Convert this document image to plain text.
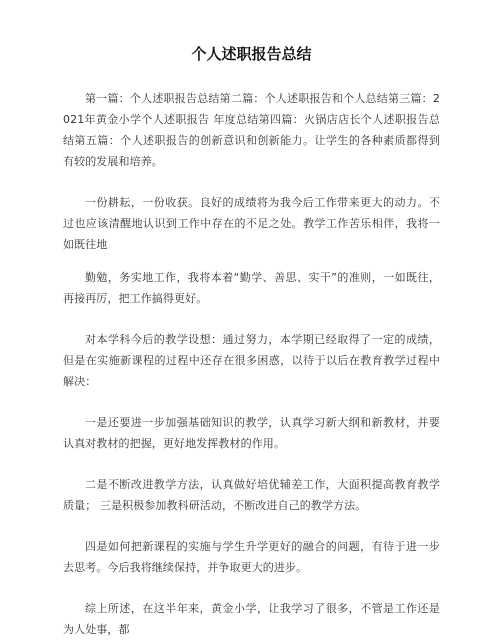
个人述职报告总结

第一篇：个人述职报告总结第二篇：个人述职报告和个人总结第三篇：2021年黄金小学个人述职报告 年度总结第四篇：火锅店店长个人述职报告总结第五篇：个人述职报告的创新意识和创新能力。让学生的各种素质都得到有较的发展和培养。

一份耕耘，一份收获。良好的成绩将为我今后工作带来更大的动力。不过也应该清醒地认识到工作中存在的不足之处。教学工作苦乐相伴，我将一如既往地

勤勉，务实地工作，我将本着“勤学、善思、实干”的准则，一如既往，再接再厉，把工作搞得更好。

对本学科今后的教学设想：通过努力，本学期已经取得了一定的成绩，但是在实施新课程的过程中还存在很多困惑，以待于以后在教育教学过程中解决：

一是还要进一步加强基础知识的教学，认真学习新大纲和新教材，并要认真对教材的把握，更好地发挥教材的作用。

二是不断改进教学方法，认真做好培优辅差工作，大面积提高教育教学质量； 三是积极参加教科研活动，不断改进自己的教学方法。

四是如何把新课程的实施与学生升学更好的融合的问题，有待于进一步去思考。今后我将继续保持，并争取更大的进步。

综上所述，在这半年来，黄金小学，让我学习了很多，不管是工作还是为人处事，都
